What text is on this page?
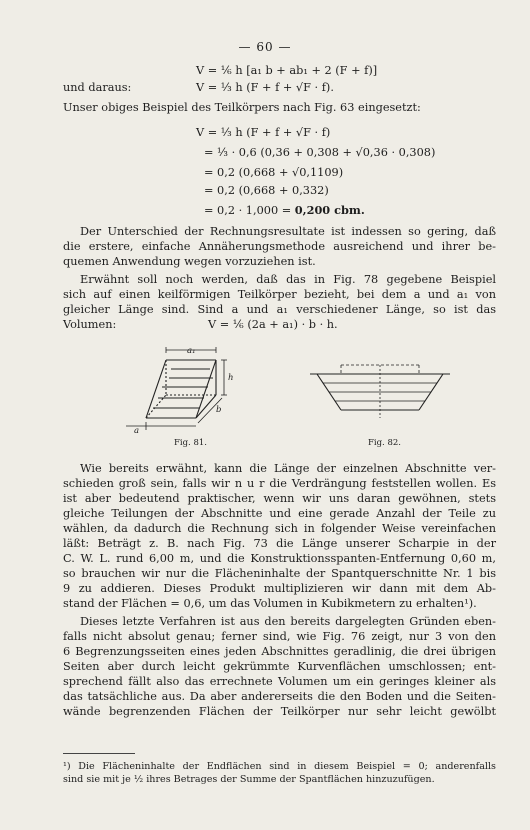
— 60 —
V = ⅙ h [a₁ b + ab₁ + 2 (F + f)]
und daraus:	V = ⅓ h (F + f + √F · f).
Unser obiges Beispiel des Teilkörpers nach Fig. 63 eingesetzt:
V = ⅓ h (F + f + √F · f)
= ⅓ · 0,6 (0,36 + 0,308 + √0,36 · 0,308)
= 0,2 (0,668 + √0,1109)
= 0,2 (0,668 + 0,332)
= 0,2 · 1,000 = 0,200 cbm.
Der Unterschied der Rechnungsresultate ist indessen so gering, daß
die erstere, einfache Annäherungsmethode ausreichend und ihrer be-
quemen Anwendung wegen vorzuziehen ist.
Erwähnt soll noch werden, daß das in Fig. 78 gegebene Beispiel
sich auf einen keilförmigen Teilkörper bezieht, bei dem a und a₁ von
gleicher Länge sind. Sind a und a₁ verschiedener Länge, so ist das
Volumen:	V = ⅙ (2a + a₁) · b · h.
a₁
h
b
a
Fig. 81.	Fig. 82.
Wie bereits erwähnt, kann die Länge der einzelnen Abschnitte ver-
schieden groß sein, falls wir n u r die Verdrängung feststellen wollen. Es
ist aber bedeutend praktischer, wenn wir uns daran gewöhnen, stets
gleiche Teilungen der Abschnitte und eine gerade Anzahl der Teile zu
wählen, da dadurch die Rechnung sich in folgender Weise vereinfachen
läßt: Beträgt z. B. nach Fig. 73 die Länge unserer Scharpie in der
C. W. L. rund 6,00 m, und die Konstruktionsspanten-Entfernung 0,60 m,
so brauchen wir nur die Flächeninhalte der Spantquerschnitte Nr. 1 bis
9 zu addieren. Dieses Produkt multiplizieren wir dann mit dem Ab-
stand der Flächen = 0,6, um das Volumen in Kubikmetern zu erhalten¹).
Dieses letzte Verfahren ist aus den bereits dargelegten Gründen eben-
falls nicht absolut genau; ferner sind, wie Fig. 76 zeigt, nur 3 von den
6 Begrenzungsseiten eines jeden Abschnittes geradlinig, die drei übrigen
Seiten aber durch leicht gekrümmte Kurvenflächen umschlossen; ent-
sprechend fällt also das errechnete Volumen um ein geringes kleiner als
das tatsächliche aus. Da aber andererseits die den Boden und die Seiten-
wände begrenzenden Flächen der Teilkörper nur sehr leicht gewölbt
¹) Die Flächeninhalte der Endflächen sind in diesem Beispiel = 0; anderenfalls
sind sie mit je ½ ihres Betrages der Summe der Spantflächen hinzuzufügen.
